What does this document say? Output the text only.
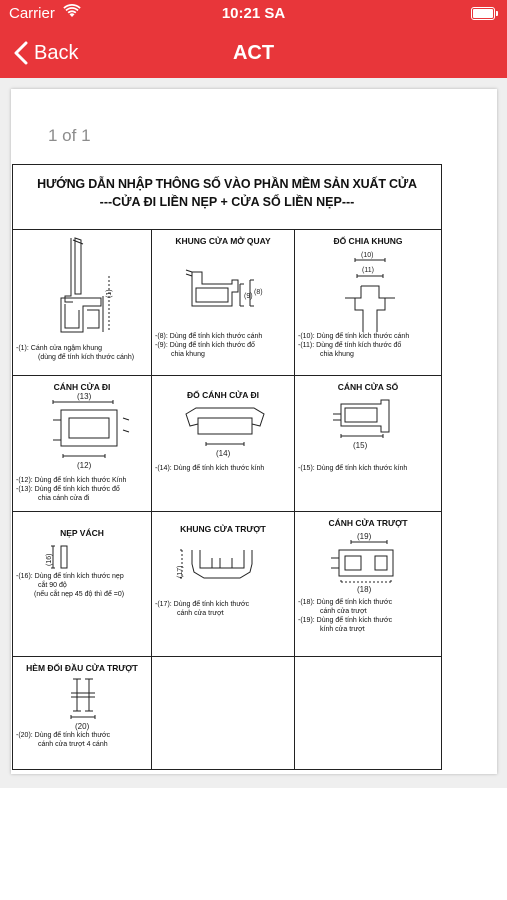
Carrier	10:21 SA
Back	ACT
1 of 1
HƯỚNG DẪN NHẬP THÔNG SỐ VÀO PHẦN MỀM SẢN XUẤT CỬA
---CỬA ĐI LIỀN NẸP + CỬA SỔ LIỀN NẸP---
(1)
-(1): Cánh cửa ngậm khung
(dùng để tính kích thước cánh)
KHUNG CỬA MỞ QUAY
(9)
(8)
-(8): Dùng để tính kích thước cánh
-(9): Dùng để tính kích thước đố
chia khung
ĐỐ CHIA KHUNG
(10)
(11)
-(10): Dùng để tính kích thước cánh
-(11): Dùng để tính kích thước đố
chia khung
CÁNH CỬA ĐI
(13)
(12)
-(12): Dùng để tính kích thước Kính
-(13): Dùng để tính kích thước đố
chia cánh cửa đi
ĐỐ CÁNH CỬA ĐI
(14)
-(14): Dùng để tính kích thước kính
CÁNH CỬA SỔ
(15)
-(15): Dùng để tính kích thước kính
NẸP VÁCH
(16)
-(16): Dùng để tính kích thước nẹp
cắt 90 độ
(nếu cắt nẹp 45 độ thì để =0)
KHUNG CỬA TRƯỢT
(17)
-(17): Dùng để tính kích thước
cánh cửa trượt
CÁNH CỬA TRƯỢT
(19)
(18)
-(18): Dùng để tính kích thước
cánh cửa trượt
-(19): Dùng để tính kích thước
kính cửa trượt
HÈM ĐỐI ĐẦU CỬA TRƯỢT
(20)
-(20): Dùng để tính kích thước
cánh cửa trượt 4 cánh
